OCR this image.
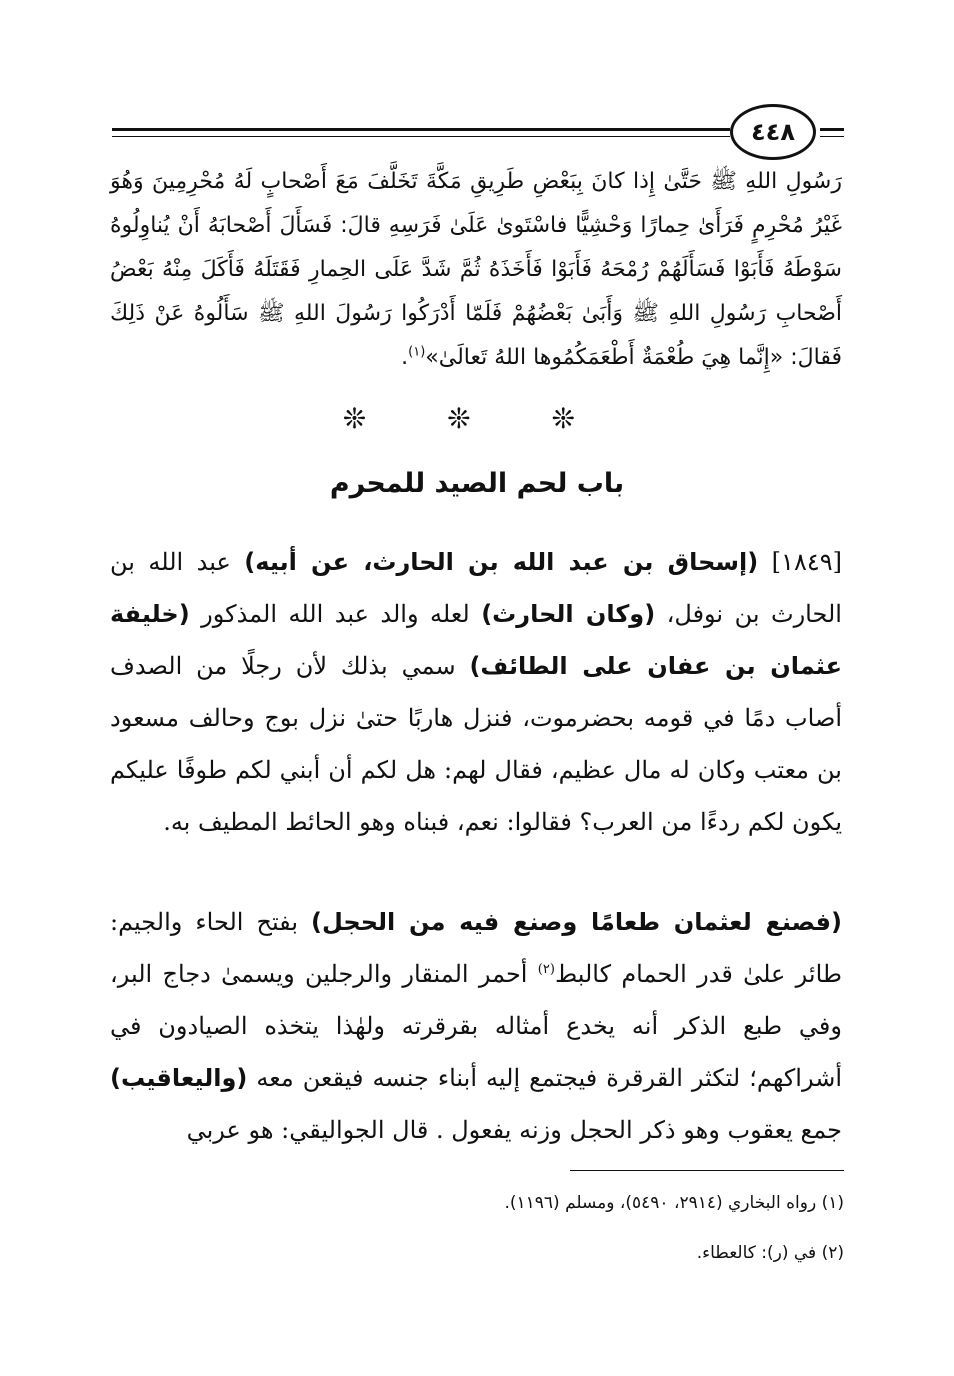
٤٤٨
رَسُولِ اللهِ ﷺ حَتَّىٰ إِذا كانَ بِبَعْضِ طَرِيقِ مَكَّةَ تَخَلَّفَ مَعَ أَصْحابٍ لَهُ مُحْرِمِينَ وَهُوَ غَيْرُ مُحْرِمٍ فَرَأَىٰ حِمارًا وَحْشِيًّا فاسْتَوىٰ عَلَىٰ فَرَسِهِ قالَ: فَسَأَلَ أَصْحابَهُ أَنْ يُناوِلُوهُ سَوْطَهُ فَأَبَوْا فَسَأَلَهُمْ رُمْحَهُ فَأَبَوْا فَأَخَذَهُ ثُمَّ شَدَّ عَلَى الحِمارِ فَقَتَلَهُ فَأَكَلَ مِنْهُ بَعْضُ أَصْحابِ رَسُولِ اللهِ ﷺ وَأَبَىٰ بَعْضُهُمْ فَلَمّا أَدْرَكُوا رَسُولَ اللهِ ﷺ سَأَلُوهُ عَنْ ذَلِكَ فَقالَ: «إِنَّما هِيَ طُعْمَةٌ أَطْعَمَكُمُوها اللهُ تَعالَىٰ»$^{(١)}$.
❊ ❊ ❊
باب لحم الصيد للمحرم
[١٨٤٩] (إسحاق بن عبد الله بن الحارث، عن أبيه) عبد الله بن الحارث بن نوفل، (وكان الحارث) لعله والد عبد الله المذكور (خليفة عثمان بن عفان على الطائف) سمي بذلك لأن رجلًا من الصدف أصاب دمًا في قومه بحضرموت، فنزل هاربًا حتىٰ نزل بوج وحالف مسعود بن معتب وكان له مال عظيم، فقال لهم: هل لكم أن أبني لكم طوفًا عليكم يكون لكم ردءًا من العرب؟ فقالوا: نعم، فبناه وهو الحائط المطيف به.
(فصنع لعثمان طعامًا وصنع فيه من الحجل) بفتح الحاء والجيم: طائر علىٰ قدر الحمام كالبط$^{(٢)}$ أحمر المنقار والرجلين ويسمىٰ دجاج البر، وفي طبع الذكر أنه يخدع أمثاله بقرقرته ولهٰذا يتخذه الصيادون في أشراكهم؛ لتكثر القرقرة فيجتمع إليه أبناء جنسه فيقعن معه (واليعاقيب) جمع يعقوب وهو ذكر الحجل وزنه يفعول . قال الجواليقي: هو عربي
(١) رواه البخاري (٢٩١٤، ٥٤٩٠)، ومسلم (١١٩٦).
(٢) في (ر): كالعطاء.
